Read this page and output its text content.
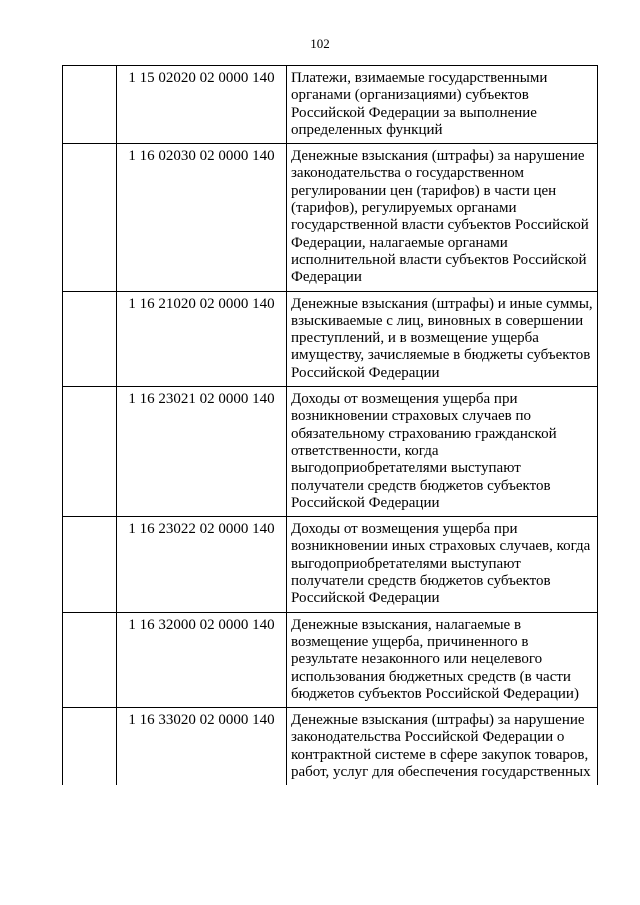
102
	1 15 02020 02 0000 140	Платежи, взимаемые государственными органами (организациями) субъектов Российской Федерации за выполнение определенных функций
	1 16 02030 02 0000 140	Денежные взыскания (штрафы) за нарушение законодательства о государственном регулировании цен (тарифов) в части цен (тарифов), регулируемых органами государственной власти субъектов Российской Федерации, налагаемые органами исполнительной власти субъектов Российской Федерации
	1 16 21020 02 0000 140	Денежные взыскания (штрафы) и иные суммы, взыскиваемые с лиц, виновных в совершении преступлений, и в возмещение ущерба имуществу, зачисляемые в бюджеты субъектов Российской Федерации
	1 16 23021 02 0000 140	Доходы от возмещения ущерба при возникновении страховых случаев по обязательному страхованию гражданской ответственности, когда выгодоприобретателями выступают получатели средств бюджетов субъектов Российской Федерации
	1 16 23022 02 0000 140	Доходы от возмещения ущерба при возникновении иных страховых случаев, когда выгодоприобретателями выступают получатели средств бюджетов субъектов Российской Федерации
	1 16 32000 02 0000 140	Денежные взыскания, налагаемые в возмещение ущерба, причиненного в результате незаконного или нецелевого использования бюджетных средств (в части бюджетов субъектов Российской Федерации)
	1 16 33020 02 0000 140	Денежные взыскания (штрафы) за нарушение законодательства Российской Федерации о контрактной системе в сфере закупок товаров, работ, услуг для обеспечения государственных
